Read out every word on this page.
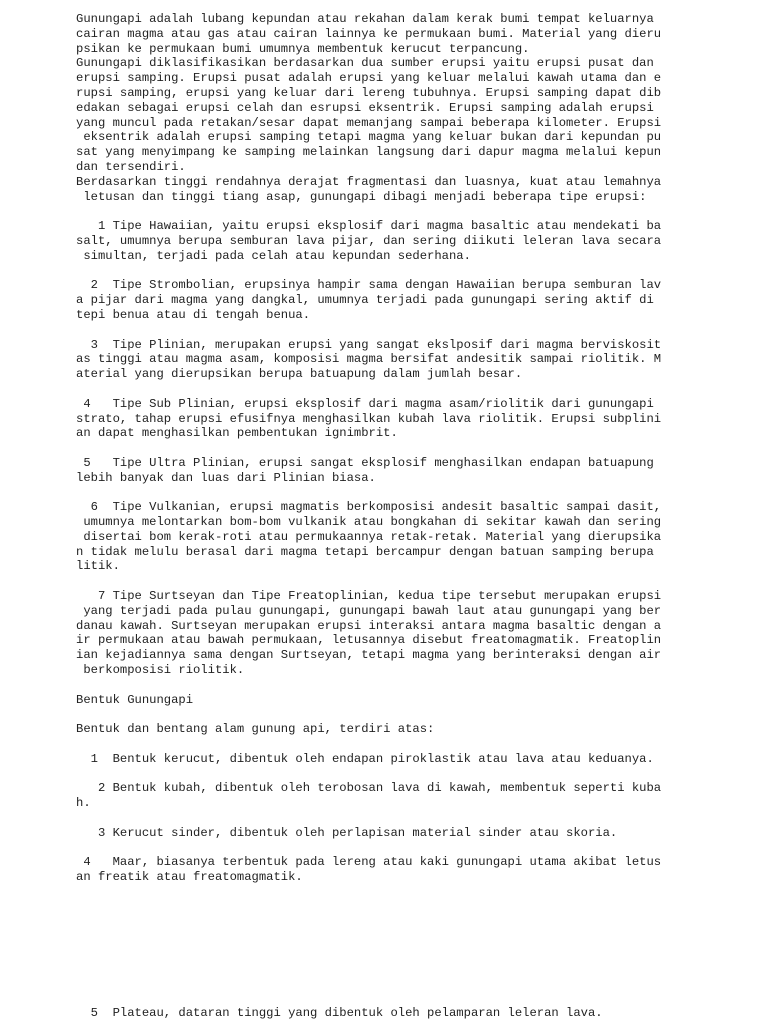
Gunungapi adalah lubang kepundan atau rekahan dalam kerak bumi tempat keluarnya
cairan magma atau gas atau cairan lainnya ke permukaan bumi. Material yang dieru
psikan ke permukaan bumi umumnya membentuk kerucut terpancung.
Gunungapi diklasifikasikan berdasarkan dua sumber erupsi yaitu erupsi pusat dan
erupsi samping. Erupsi pusat adalah erupsi yang keluar melalui kawah utama dan e
rupsi samping, erupsi yang keluar dari lereng tubuhnya. Erupsi samping dapat dib
edakan sebagai erupsi celah dan esrupsi eksentrik. Erupsi samping adalah erupsi
yang muncul pada retakan/sesar dapat memanjang sampai beberapa kilometer. Erupsi
eksentrik adalah erupsi samping tetapi magma yang keluar bukan dari kepundan pu
sat yang menyimpang ke samping melainkan langsung dari dapur magma melalui kepun
dan tersendiri.
Berdasarkan tinggi rendahnya derajat fragmentasi dan luasnya, kuat atau lemahnya
letusan dan tinggi tiang asap, gunungapi dibagi menjadi beberapa tipe erupsi:
1 Tipe Hawaiian, yaitu erupsi eksplosif dari magma basaltic atau mendekati ba
salt, umumnya berupa semburan lava pijar, dan sering diikuti leleran lava secara
simultan, terjadi pada celah atau kepundan sederhana.
2  Tipe Strombolian, erupsinya hampir sama dengan Hawaiian berupa semburan lav
a pijar dari magma yang dangkal, umumnya terjadi pada gunungapi sering aktif di
tepi benua atau di tengah benua.
3  Tipe Plinian, merupakan erupsi yang sangat ekslposif dari magma berviskosit
as tinggi atau magma asam, komposisi magma bersifat andesitik sampai riolitik. M
aterial yang dierupsikan berupa batuapung dalam jumlah besar.
4   Tipe Sub Plinian, erupsi eksplosif dari magma asam/riolitik dari gunungapi
strato, tahap erupsi efusifnya menghasilkan kubah lava riolitik. Erupsi subplini
an dapat menghasilkan pembentukan ignimbrit.
5   Tipe Ultra Plinian, erupsi sangat eksplosif menghasilkan endapan batuapung
lebih banyak dan luas dari Plinian biasa.
6  Tipe Vulkanian, erupsi magmatis berkomposisi andesit basaltic sampai dasit,
umumnya melontarkan bom-bom vulkanik atau bongkahan di sekitar kawah dan sering
disertai bom kerak-roti atau permukaannya retak-retak. Material yang dierupsika
n tidak melulu berasal dari magma tetapi bercampur dengan batuan samping berupa
litik.
7 Tipe Surtseyan dan Tipe Freatoplinian, kedua tipe tersebut merupakan erupsi
yang terjadi pada pulau gunungapi, gunungapi bawah laut atau gunungapi yang ber
danau kawah. Surtseyan merupakan erupsi interaksi antara magma basaltic dengan a
ir permukaan atau bawah permukaan, letusannya disebut freatomagmatik. Freatoplin
ian kejadiannya sama dengan Surtseyan, tetapi magma yang berinteraksi dengan air
berkomposisi riolitik.
Bentuk Gunungapi
Bentuk dan bentang alam gunung api, terdiri atas:
1  Bentuk kerucut, dibentuk oleh endapan piroklastik atau lava atau keduanya.
2 Bentuk kubah, dibentuk oleh terobosan lava di kawah, membentuk seperti kuba
h.
3 Kerucut sinder, dibentuk oleh perlapisan material sinder atau skoria.
4   Maar, biasanya terbentuk pada lereng atau kaki gunungapi utama akibat letus
an freatik atau freatomagmatik.
5  Plateau, dataran tinggi yang dibentuk oleh pelamparan leleran lava.
